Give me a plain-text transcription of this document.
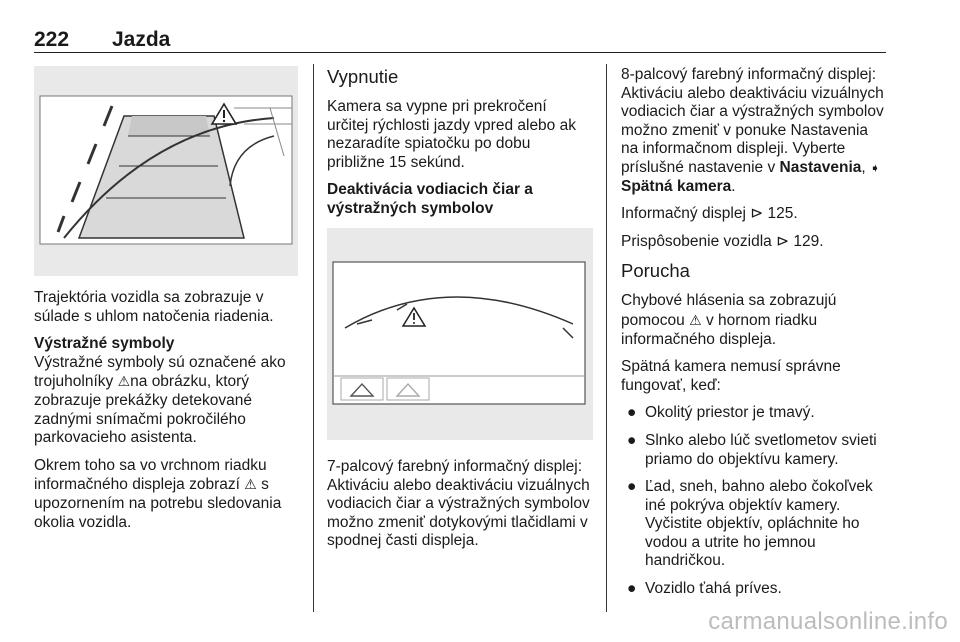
222 Jazda

Trajektória vozidla sa zobrazuje v súlade s uhlom natočenia riadenia.

Výstražné symboly

Výstražné symboly sú označené ako trojuholníky ⚠na obrázku, ktorý zobrazuje prekážky detekované zadnými snímačmi pokročilého parkovacieho asistenta.

Okrem toho sa vo vrchnom riadku informačného displeja zobrazí ⚠ s upozornením na potrebu sledovania okolia vozidla.

Vypnutie

Kamera sa vypne pri prekročení určitej rýchlosti jazdy vpred alebo ak nezaradíte spiatočku po dobu približne 15 sekúnd.

Deaktivácia vodiacich čiar a výstražných symbolov

7-palcový farebný informačný displej: Aktiváciu alebo deaktiváciu vizuálnych vodiacich čiar a výstražných symbolov možno zmeniť dotykovými tlačidlami v spodnej časti displeja.

8-palcový farebný informačný displej: Aktiváciu alebo deaktiváciu vizuálnych vodiacich čiar a výstražných symbolov možno zmeniť v ponuke Nastavenia na informačnom displeji. Vyberte príslušné nastavenie v Nastavenia, ➧
Spätná kamera.

Informačný displej ⊳ 125.

Prispôsobenie vozidla ⊳ 129.

Porucha

Chybové hlásenia sa zobrazujú pomocou ⚠ v hornom riadku informačného displeja.

Spätná kamera nemusí správne fungovať, keď:

● Okolitý priestor je tmavý.
● Slnko alebo lúč svetlometov svieti priamo do objektívu kamery.
● Ľad, sneh, bahno alebo čokoľvek iné pokrýva objektív kamery. Vyčistite objektív, opláchnite ho vodou a utrite ho jemnou handričkou.
● Vozidlo ťahá príves.
carmanualsonline.info
